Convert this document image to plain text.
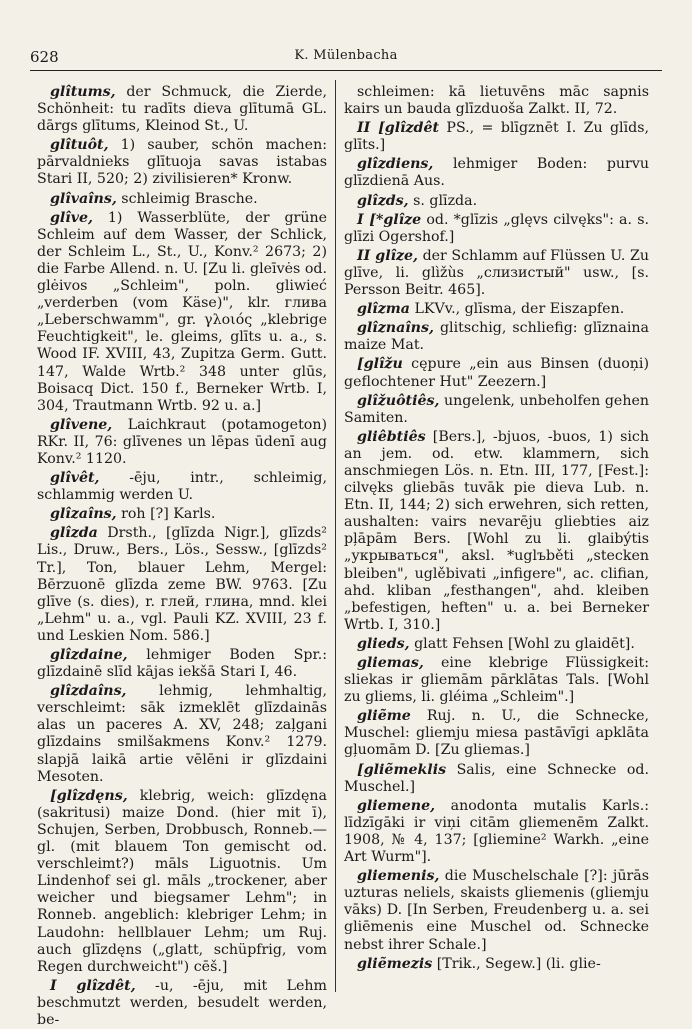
628	K. Mülenbacha

glîtums, der Schmuck, die Zierde, Schönheit: tu radīts dieva glītumā GL. dārgs glītums, Kleinod St., U.

glîtuôt, 1) sauber, schön machen: pārvaldnieks glītuoja savas istabas Stari II, 520; 2) zivilisieren* Kronw.

glîvaîns, schleimig Brasche.

glîve, 1) Wasserblüte, der grüne Schleim auf dem Wasser, der Schlick, der Schleim L., St., U., Konv.² 2673; 2) die Farbe Allend. n. U. [Zu li. gleīvės od. glėivos „Schleim", poln. gliwieć „verderben (vom Käse)", klr. глива „Leberschwamm", gr. γλοιός „klebrige Feuchtigkeit", le. gleims, glīts u. a., s. Wood IF. XVIII, 43, Zupitza Germ. Gutt. 147, Walde Wrtb.² 348 unter glūs, Boisacq Dict. 150 f., Berneker Wrtb. I, 304, Trautmann Wrtb. 92 u. a.]

glîvene, Laichkraut (potamogeton) RKr. II, 76: glīvenes un lēpas ūdenī aug Konv.² 1120.

glîvêt, -ēju, intr., schleimig, schlammig werden U.

glîzaîns, roh [?] Karls.

glîzda Drsth., [glīzda Nigr.], glīzds² Lis., Druw., Bers., Lös., Sessw., [glīzds² Tr.], Ton, blauer Lehm, Mergel: Bērzuonē glīzda zeme BW. 9763. [Zu glīve (s. dies), r. глей, глина, mnd. klei „Lehm" u. a., vgl. Pauli KZ. XVIII, 23 f. und Leskien Nom. 586.]

glîzdaine, lehmiger Boden Spr.: glīzdainē slīd kājas iekšā Stari I, 46.

glîzdaîns, lehmig, lehmhaltig, verschleimt: sāk izmeklēt glīzdainās alas un paceres A. XV, 248; zaļgani glīzdains smilšakmens Konv.² 1279. slapjā laikā artie vēlēni ir glīzdaini Mesoten.

[glîzdęns, klebrig, weich: glīzdęna (sakritusi) maize Dond. (hier mit ī), Schujen, Serben, Drobbusch, Ronneb.— gl. (mit blauem Ton gemischt od. verschleimt?) māls Liguotnis. Um Lindenhof sei gl. māls „trockener, aber weicher und biegsamer Lehm"; in Ronneb. angeblich: klebriger Lehm; in Laudohn: hellblauer Lehm; um Ruj. auch glīzdęns („glatt, schüpfrig, vom Regen durchweicht") cēš.]

I glîzdêt, -u, -ēju, mit Lehm beschmutzt werden, besudelt werden, be-

schleimen: kā lietuvēns māc sapnis kairs un bauda glīzduoša Zalkt. II, 72.

II [glîzdêt PS., = blīgznēt I. Zu glīds, glīts.]

glîzdiens, lehmiger Boden: purvu glīzdienā Aus.

glîzds, s. glīzda.

I [*glîze od. *glīzis „glęvs cilvęks": a. s. glīzi Ogershof.]

II glîze, der Schlamm auf Flüssen U. Zu glīve, li. glìžùs „слизистый" usw., [s. Persson Beitr. 465].

glîzma LKVv., glīsma, der Eiszapfen.

glîznaîns, glitschig, schliefig: glīznaina maize Mat.

[glîžu cępure „ein aus Binsen (duoņi) geflochtener Hut" Zeezern.]

glîžuôtiês, ungelenk, unbeholfen gehen Samiten.

gliêbtiês [Bers.], -bjuos, -buos, 1) sich an jem. od. etw. klammern, sich anschmiegen Lös. n. Etn. III, 177, [Fest.]: cilvęks gliebās tuvāk pie dieva Lub. n. Etn. II, 144; 2) sich erwehren, sich retten, aushalten: vairs nevarēju gliebties aiz pļāpām Bers. [Wohl zu li. glaibýtis „укрываться", aksl. *uglъběti „stecken bleiben", uglěbivati „infigere", ac. clifian, ahd. kliban „festhangen", ahd. kleiben „befestigen, heften" u. a. bei Berneker Wrtb. I, 310.]

glieds, glatt Fehsen [Wohl zu glaidēt].

gliemas, eine klebrige Flüssigkeit: sliekas ir gliemām pārklātas Tals. [Wohl zu gliems, li. gléima „Schleim".]

gliẽme Ruj. n. U., die Schnecke, Muschel: gliemju miesa pastāvīgi apklāta gļuomām D. [Zu gliemas.]

[gliẽmeklis Salis, eine Schnecke od. Muschel.]

gliemene, anodonta mutalis Karls.: līdzīgāki ir viņi citām gliemenēm Zalkt. 1908, № 4, 137; [gliemine² Warkh. „eine Art Wurm"].

gliemenis, die Muschelschale [?]: jūrās uzturas neliels, skaists gliemenis (gliemju vāks) D. [In Serben, Freudenberg u. a. sei gliēmenis eine Muschel od. Schnecke nebst ihrer Schale.]

gliẽmezis [Trik., Segew.] (li. glie-
